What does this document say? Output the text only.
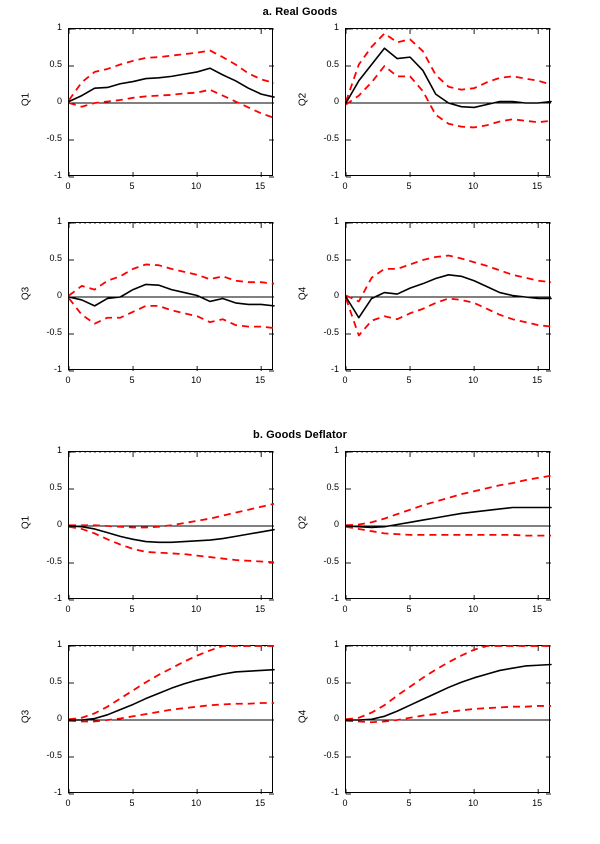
a. Real Goods
b. Goods Deflator
Q1
1
0.5
0
-0.5
-1
0	5	10	15
Q2
1
0.5
0
-0.5
-1
0	5	10	15
Q3
1
0.5
0
-0.5
-1
0	5	10	15
Q4
1
0.5
0
-0.5
-1
0	5	10	15
Q1
1
0.5
0
-0.5
-1
0	5	10	15
Q2
1
0.5
0
-0.5
-1
0	5	10	15
Q3
1
0.5
0
-0.5
-1
0	5	10	15
Q4
1
0.5
0
-0.5
-1
0	5	10	15
